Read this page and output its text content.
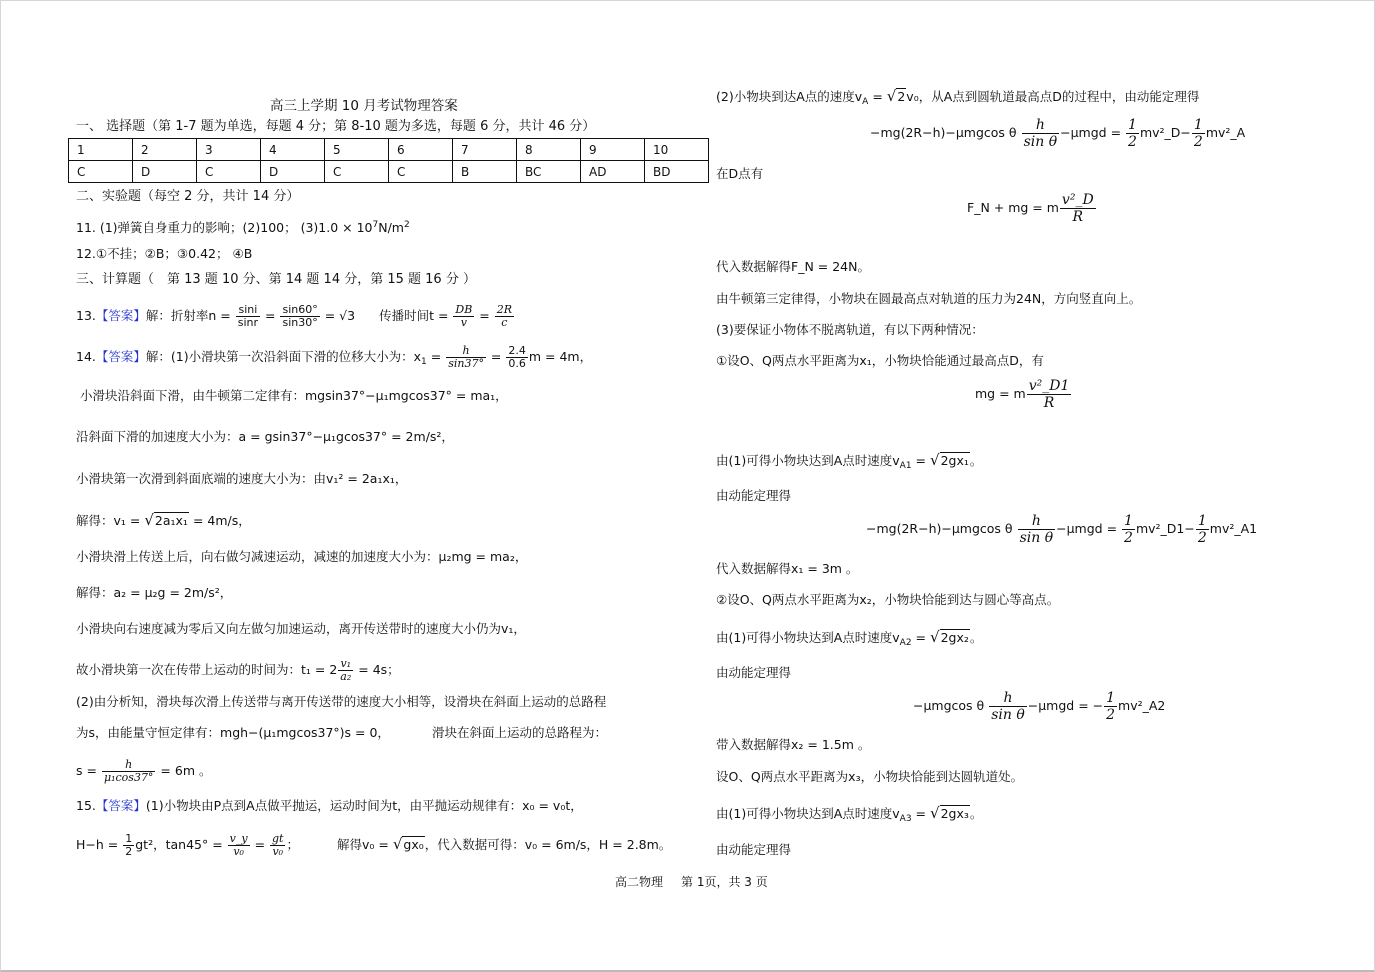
高三上学期 10 月考试物理答案
一、 选择题（第 1-7 题为单选，每题 4 分；第 8-10 题为多选，每题 6 分，共计 46 分）
1	2	3	4	5	6	7	8	9	10
C	D	C	D	C	C	B	BC	AD	BD
二、实验题（每空 2 分，共计 14 分）
11. (1)弹簧自身重力的影响；(2)100； $(3)1.0 \times 10^7N/m^2$
12.①不挂；②B；③0.42； ④B
三、计算题（　第 13 题 10 分、第 14 题 14 分，第 15 题 16 分 ）
13.【答案】解：折射率$n = \frac{\sin i}{\sin r} = \frac{\sin 60^\circ}{\sin 30^\circ} = √3$ 传播时间$t = \frac{DB}{v} = \frac{2R}{c}$
14.【答案】解：(1)小滑块第一次沿斜面下滑的位移大小为：$x_1 = \frac{h}{\sin 37^\circ} = \frac{2.4}{0.6}$ m = 4m，
小滑块沿斜面下滑，由牛顿第二定律有：mgsin37°−μ₁mgcos37° = ma₁，
沿斜面下滑的加速度大小为：a = gsin37°−μ₁gcos37° = 2m/s²，
小滑块第一次滑到斜面底端的速度大小为：由v₁² = 2a₁x₁，
解得：v₁ = √2a₁x₁ = 4m/s，
小滑块滑上传送上后，向右做匀减速运动，减速的加速度大小为：μ₂mg = ma₂，
解得：a₂ = μ₂g = 2m/s²，
小滑块向右速度减为零后又向左做匀加速运动，离开传送带时的速度大小仍为v₁，
故小滑块第一次在传带上运动的时间为：$t_1 = 2 \frac{\text{v₁}}{\text{a₂}} = 4s$；
(2)由分析知，滑块每次滑上传送带与离开传送带的速度大小相等，设滑块在斜面上运动的总路程
为s，由能量守恒定律有：mgh−(μ₁mgcos37°)s = 0，	滑块在斜面上运动的总路程为：
$s = \frac{h}{\text{μ₁cos37°}} = 6m$ 。
15.【答案】(1)小物块由P点到A点做平抛运，运动时间为t，由平抛运动规律有：x₀ = v₀t，
$H-h = \frac{1}{2} gt^2$，$\tan 45^\circ = \frac{v\_y}{\text{v₀}} = \frac{gt}{\text{v₀}}$ ；	解得v₀ = √gx₀，代入数据可得：v₀ = 6m/s，H = 2.8m。
(2)小物块到达A点的速度$v_A = √2v_0$，从A点到圆轨道最高点D的过程中，由动能定理得
−mg(2R−h)−μmgcos θ $\frac{h}{\text{sin θ}} -\mu mgd = \frac{1}{2}$ mv²_D− $\frac{1}{2}$ mv²_A
在D点有
F_N + mg = m $\frac{\text{v²\_D}}{R}$
代入数据解得F_N = 24N。
由牛顿第三定律得，小物块在圆最高点对轨道的压力为24N，方向竖直向上。
(3)要保证小物体不脱离轨道，有以下两种情况：
①设O、Q两点水平距离为x₁，小物块恰能通过最高点D，有
mg = m $\frac{\text{v²\_D1}}{R}$
由(1)可得小物块达到A点时速度$v_{A1} = √2gx_1$。
由动能定理得
−mg(2R−h)−μmgcos θ $\frac{h}{\text{sin θ}} -\mu mgd = \frac{1}{2}$ mv²_D1− $\frac{1}{2}$ mv²_A1
代入数据解得x₁ = 3m 。
②设O、Q两点水平距离为x₂，小物块恰能到达与圆心等高点。
由(1)可得小物块达到A点时速度$v_{A2} = √2gx_2$。
由动能定理得
−μmgcos θ $\frac{h}{\text{sin θ}} -\mu mgd$ = − $\frac{1}{2}$ mv²_A2
带入数据解得x₂ = 1.5m 。
设O、Q两点水平距离为x₃，小物块恰能到达圆轨道处。
由(1)可得小物块达到A点时速度$v_{A3} = √2gx_3$。
由动能定理得
高二物理 第 1页，共 3 页
